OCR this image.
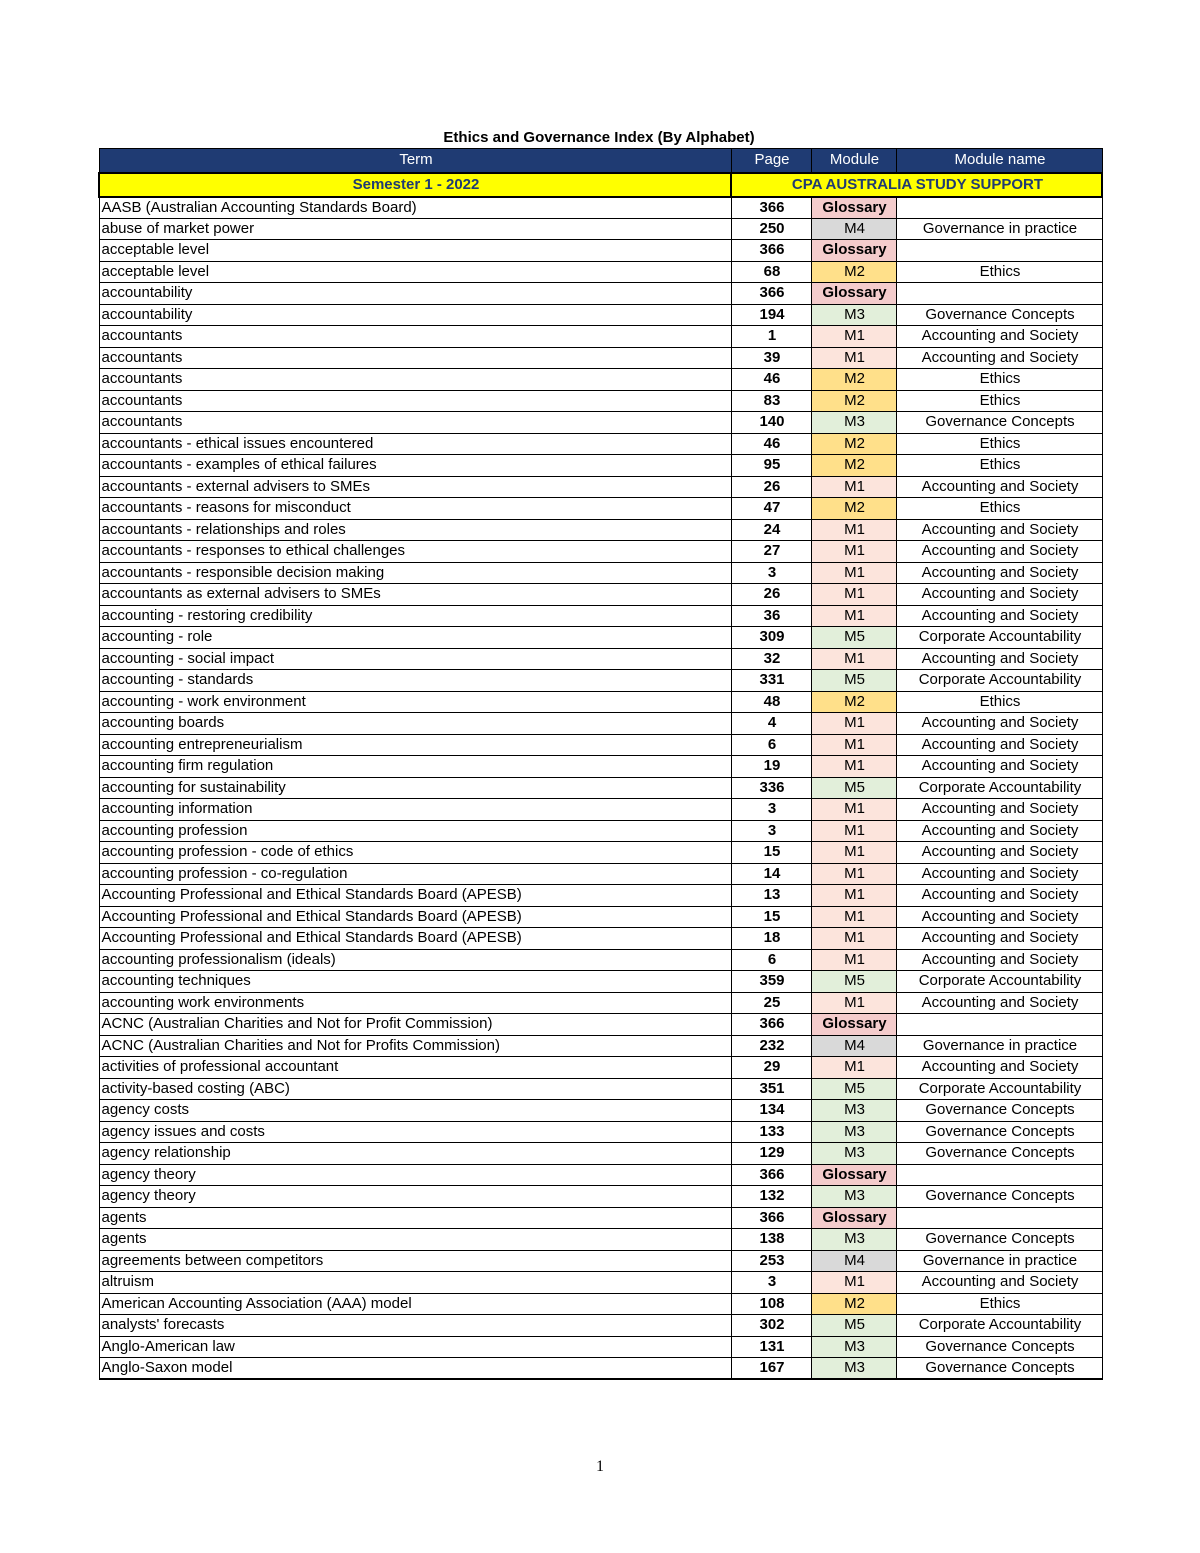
Ethics and Governance Index (By Alphabet)
Term	Page	Module	Module name
Semester 1 - 2022	CPA AUSTRALIA STUDY SUPPORT		
AASB (Australian Accounting Standards Board)	366	Glossary	
abuse of market power	250	M4	Governance in practice
acceptable level	366	Glossary	
acceptable level	68	M2	Ethics
accountability	366	Glossary	
accountability	194	M3	Governance Concepts
accountants	1	M1	Accounting and Society
accountants	39	M1	Accounting and Society
accountants	46	M2	Ethics
accountants	83	M2	Ethics
accountants	140	M3	Governance Concepts
accountants - ethical issues encountered	46	M2	Ethics
accountants - examples of ethical failures	95	M2	Ethics
accountants - external advisers to SMEs	26	M1	Accounting and Society
accountants - reasons for misconduct	47	M2	Ethics
accountants - relationships and roles	24	M1	Accounting and Society
accountants - responses to ethical challenges	27	M1	Accounting and Society
accountants - responsible decision making	3	M1	Accounting and Society
accountants as external advisers to SMEs	26	M1	Accounting and Society
accounting - restoring credibility	36	M1	Accounting and Society
accounting - role	309	M5	Corporate Accountability
accounting - social impact	32	M1	Accounting and Society
accounting - standards	331	M5	Corporate Accountability
accounting - work environment	48	M2	Ethics
accounting boards	4	M1	Accounting and Society
accounting entrepreneurialism	6	M1	Accounting and Society
accounting firm regulation	19	M1	Accounting and Society
accounting for sustainability	336	M5	Corporate Accountability
accounting information	3	M1	Accounting and Society
accounting profession	3	M1	Accounting and Society
accounting profession - code of ethics	15	M1	Accounting and Society
accounting profession - co-regulation	14	M1	Accounting and Society
Accounting Professional and Ethical Standards Board (APESB)	13	M1	Accounting and Society
Accounting Professional and Ethical Standards Board (APESB)	15	M1	Accounting and Society
Accounting Professional and Ethical Standards Board (APESB)	18	M1	Accounting and Society
accounting professionalism (ideals)	6	M1	Accounting and Society
accounting techniques	359	M5	Corporate Accountability
accounting work environments	25	M1	Accounting and Society
ACNC (Australian Charities and Not for Profit Commission)	366	Glossary	
ACNC (Australian Charities and Not for Profits Commission)	232	M4	Governance in practice
activities of professional accountant	29	M1	Accounting and Society
activity-based costing (ABC)	351	M5	Corporate Accountability
agency costs	134	M3	Governance Concepts
agency issues and costs	133	M3	Governance Concepts
agency relationship	129	M3	Governance Concepts
agency theory	366	Glossary	
agency theory	132	M3	Governance Concepts
agents	366	Glossary	
agents	138	M3	Governance Concepts
agreements between competitors	253	M4	Governance in practice
altruism	3	M1	Accounting and Society
American Accounting Association (AAA) model	108	M2	Ethics
analysts' forecasts	302	M5	Corporate Accountability
Anglo-American law	131	M3	Governance Concepts
Anglo-Saxon model	167	M3	Governance Concepts
1
